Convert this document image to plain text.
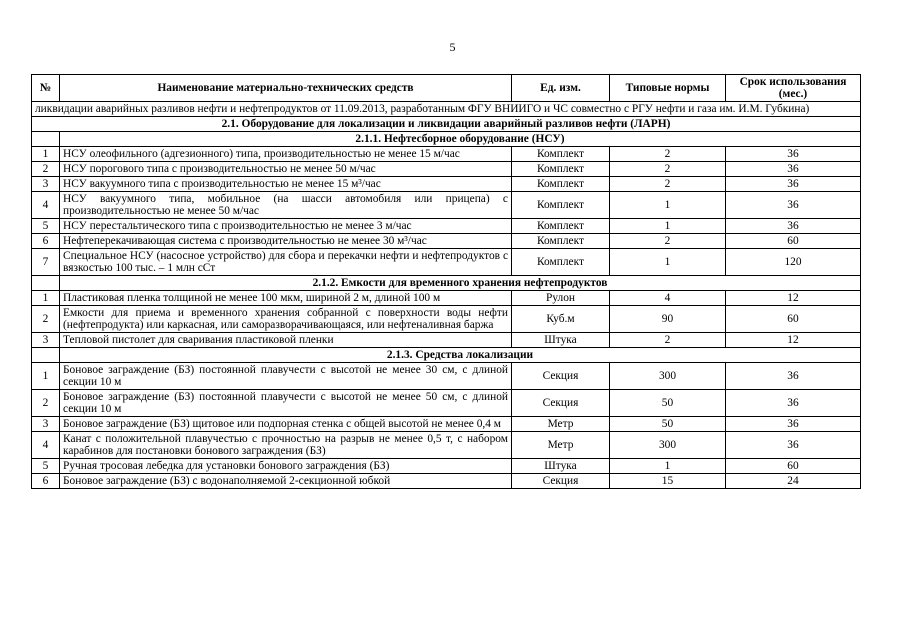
5
№	Наименование материально-технических средств	Ед. изм.	Типовые нормы	Срок использования (мес.)
ликвидации аварийных разливов нефти и нефтепродуктов от 11.09.2013, разработанным ФГУ ВНИИГО и ЧС совместно с РГУ нефти и газа им. И.М. Губкина)				
2.1. Оборудование для локализации и ликвидации аварийный разливов нефти (ЛАРН)				
	2.1.1. Нефтесборное оборудование (НСУ)			
1	НСУ олеофильного (адгезионного) типа, производительностью не менее 15 м/час	Комплект	2	36
2	НСУ порогового типа с производительностью не менее 50 м/час	Комплект	2	36
3	НСУ вакуумного типа с производительностью не менее 15 м³/час	Комплект	2	36
4	НСУ вакуумного типа, мобильное (на шасси автомобиля или прицепа) с производительностью не менее 50 м/час	Комплект	1	36
5	НСУ перестальтического типа с производительностью не менее 3 м/час	Комплект	1	36
6	Нефтеперекачивающая система с производительностью не менее 30 м³/час	Комплект	2	60
7	Специальное НСУ (насосное устройство) для сбора и перекачки нефти и нефтепродуктов с вязкостью 100 тыс. – 1 млн сСт	Комплект	1	120
	2.1.2. Емкости для временного хранения нефтепродуктов			
1	Пластиковая пленка толщиной не менее 100 мкм, шириной 2 м, длиной 100 м	Рулон	4	12
2	Емкости для приема и временного хранения собранной с поверхности воды нефти (нефтепродукта) или каркасная, или саморазворачивающаяся, или нефтеналивная баржа	Куб.м	90	60
3	Тепловой пистолет для сваривания пластиковой пленки	Штука	2	12
	2.1.3. Средства локализации			
1	Боновое заграждение (БЗ) постоянной плавучести с высотой не менее 30 см, с длиной секции 10 м	Секция	300	36
2	Боновое заграждение (БЗ) постоянной плавучести с высотой не менее 50 см, с длиной секции 10 м	Секция	50	36
3	Боновое заграждение (БЗ) щитовое или подпорная стенка с общей высотой не менее 0,4 м	Метр	50	36
4	Канат с положительной плавучестью с прочностью на разрыв не менее 0,5 т, с набором карабинов для постановки бонового заграждения (БЗ)	Метр	300	36
5	Ручная тросовая лебедка для установки бонового заграждения (БЗ)	Штука	1	60
6	Боновое заграждение (БЗ) с водонаполняемой 2-секционной юбкой	Секция	15	24
